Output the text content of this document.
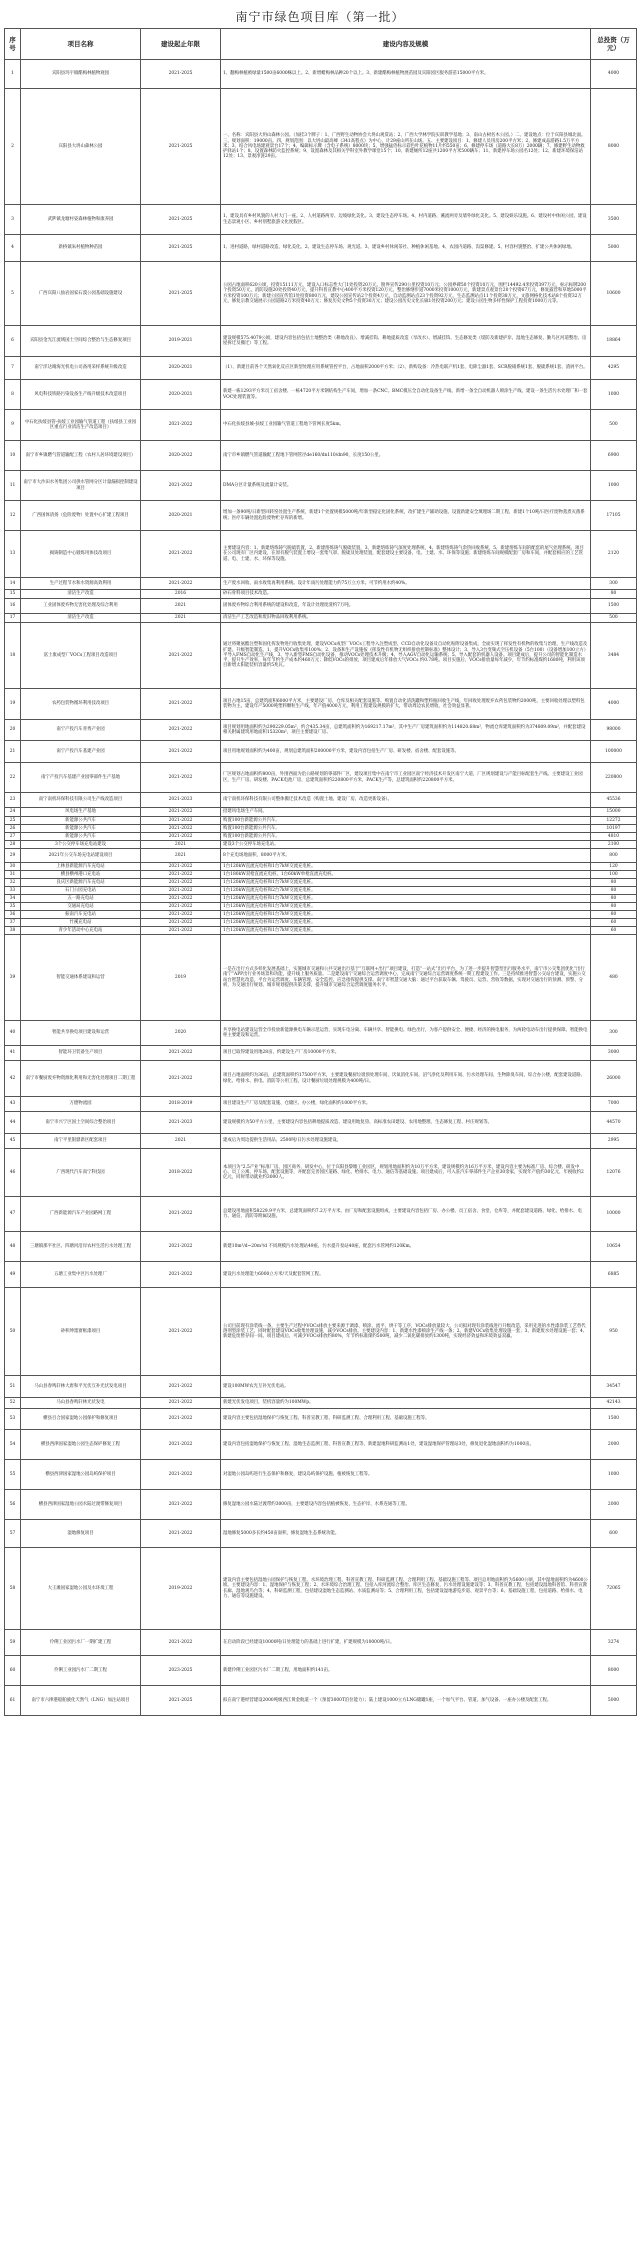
南宁市绿色项目库（第一批）
序号	项目名称	建设起止年限	建设内容及规模	总投资（万元）
1	宾阳县玛宇镇酷梅林植物观园	2021-2025	1、翻梅林植被绿量1500亩6000株以上。2、新增蜡梅林品种20个以上。3、新建酷梅林植物展苗园及宾阳园区服务游苗15000平方米。	4000
2	宾阳县大坍山森林公园	2021-2025	一、名称：宾阳县大坍山森林公园。（加挂3个牌子：1、广西野生动物协会大坍山观赏站；2、广西大学林学院实训教学基地；3、南山古树名木公园。）二、建设地点：位于宾阳县城北面。三、规划面积：19000亩。四、规划范围：以大坍山最高峰（341高程点）为中心，计29座山所在山场。五、主要建设项目：1、修建人员用房200平方米；2、修建成品游路1.5万平方米；3、结合风电场建观景台17个；4、编辑标示牌（含电子系统）8000块；5、增强猛兽标示彩色叶花植物11片约550亩；6、修建停车场（道路大长8万）2000辆；7、修建野生动物救护驿站1个；8、设置森林防火监控系统；9、设置森林及其相关学科室外教学课堂15个；10、新建厕所12座共1200平方米500辆车；11、新建停车场公园名12处；12、新建环境保洁站12处；13、景观净涟29亩。	8000
3	武陟镇龙塘村姿森林植物和康养园	2021-2025	1、建设具有乡村风貌的人村大门一座。2、人村道路两旁、边坡绿化美化。3、建设生态停车场。4、村内道路、溪流两旁及墙外绿化美化。5、建设娱乐设施。6、建设村中休闲公园，建设生态景观小区、乡村别墅旅游文化度假区。	3500
4	新桥镇朱村植物种苗园	2021-2025	1、进村道路，绿村道路改造、绿化美化。2、建设生态停车场、观光道。3、建设乡村休闲茶社、种植休闲基地。4、农园内道路、沟渠修建。5、村容村貌整治、扩建公共休闲绿地。	5000
5	广西宾阳八仙岩国家石漠公园基础设施建设	2021-2025	公园占地面积620公顷，投资15111万元，建设入口标志性大门1处投资20万元，勘界宣传290公里投资10万元；公园界碑50个投资10万元，围栏14492.4米投资397万元，标示标牌200个投资50万元，消防设施20处投资40万元，提升科普宣教中心400平方米投资120万元，整治修缮步道7000米投资1000万元，新建景点观景台20个投资67万元，修复露营和草地5000平方米投资100万元；新建公园宣传馆1处投资800万元，建设公园宣传站2个投资4万元，自动监测站点23个投资92万元，生态监测站点11个投资38万元，文旅网格化技术站8个投资32万元，修复宗教交通展示公园道路2万米投资40万元；修复历史文物5个投资30万元；建设公园历史文化长廊1处投资200万元；建设公园生物多样性保护工程投资1000万元等。	10600
6	宾阳县金光江流域国土空间综合整治与生态修复项目	2019-2021	建设规模575.4079公顷，建设内容包括包括土地整治类（耕地改良）、增减挂钩、耕地提质改造（旱改水）、增减挂钩、生态修复类（堤防及新建护岸、湿地生态修复、勤鸟区河道整治、房屋拆迁及搬迁）等工程。	18864
7	南宁洋达晴海光机电公司备用采样系统升级改造	2020-2021	（1）、新建目前各个天然氧化反应区新型处理应用系统管控平台，占地面积2000平方米；（2）、新购设备：冷热电联产机1套、电除尘器1套、SCR脱硝系统1套、脱硫系统1套、渣屑平台。	4295
8	风电科技铁路污染设备生产线升级技术改造项目	2020-2021	新建一栋1293平方米员工宿舍楼、一栋4720平方米钢结构生产车间，增加一条CNC、BMC模压全自动化设备生产线、新增一条全自动机器人喷涂生产线、建设一条生活污水处理厂和一套VOC处理装置等。	1000
9	中石化扶绥县管-扶绥工业园输气管道工程（扶绥县工业园区重点行业清洁生产改造项目）	2021-2022	中石化扶绥县城-扶绥工业园输气管道工程地下管网长度5km。	500
10	南宁市乡镇燃气管道输配工程（农村人居环境建设项目）	2020-2022	南宁市乡镇燃气管道输配工程地下管网管径de160/dn110/dn90，长度150公里。	6900
11	南宁市大沙田水务集团公司供水管网分区计量漏损控制建设项目	2021-2022	DMA分区计量系统及流量计安装。	1000
12	广西国体清扬（危险废物）处置中心扩建工程项目	2020-2021	增加一条90吨/日新型回转窑处置生产系统，新建1个处置规模5000吨/年新型稳定化固化系统，改扩建生产辅助设施、设置新建安全填埋场二期工程，新建1个10吨/日医疗废物蒸煮灭菌系统；医疗车辆处置危险废物贮存库的新增。	17105
13	揭铸制造中心锻炼用体技改项目	2021-2022	主要建设内容：1、新建熔炼铸气脱硫装置，2、新建熔炼铸气脱硫装置，3、新建熔炼铸气深度处理系统，4、新建熔炼铸气余热回收系统，5、新建熔炼车间的配套的尾气处理系统。项目在公司现有厂区内建设，在原有脱气装置上增设一套集气罩、脱硫及处理装置，配套建设主要设备，电、土建、水、环保等设施；新建熔炼车间规模配套厂房和车间，并配套相应的工艺管道、电、土建、水、环保等设施。	2120
14	生产过程节水和水资源高效利用	2021-2022	生产废水回收、雨水收集再利用系统。设计年雨污处理能力约75万立方米。可节约用水约40%。	300
15	清洁生产改造	2016	砂石骨料项目技术改造。	80
16	工业固体废弃物无害化处理及综合利用	2021	固体废弃物综合利用系统的建设和改造，年设计处理废渣约7万吨。	1500
17	清洁生产改造	2021	清洁生产工艺改造和废旧物品回收利用系统。	500
18	富士康成型厂VOCs工程项目改造项目	2021-2022	通过将聚氨酯注塑和固化挥发物进行收集处理，建设VOCs成型厂VOCs工程导入注塑成型、CCD自动化设备及自动化贴附设备集成，全面实现了挥发性有机物的收集与治理，生产线改造及扩建。升级智能制造。1、提升VOCs收集率100%；2、设备和生产设施按《挥发性有机物无组织排放控制标准》整体设计；3、导入3台变频式空压机设备（5台100）（设备增加100立方）平导入FMS自动化生产线，3、导入新型FMS自动化设备，推动VOCs处理技术升级；4、导入AGV自动化运输系统；5、导入配套的机器人设备。项目建成后，提升公司的智能化制造水平，提升生产效率，每年节约生产成本约460万元；降低VOCs的排放，项目建成后年排放大气VOCs 约0.78吨。项目实施后，VOCs排放量每年减少，年节约标准煤约1680吨，利用该项目新增太阳能装机容量约5兆瓦。	3484
19	农药包装物循环利用技改项目	2021-2022	项目占地15亩，总建筑面积6000平方米，主要建设厂房、仓库及相关配套设施等。购置自动化清洗罐和塑料瓶回收生产线，年回收处理废弃农药包装物约2000吨，主要回收处理以塑料包装物为主。建设年产5000吨塑料颗粒生产线，年产值4000万元，利用工程建设规模的扩大，带动周边农民增收，社会效益显著。	4000
20	南宁产投汽车青秀产业园	2021-2022	项目规划用地面积约为290229.05m²，约合435.34亩，总建筑面积约为169217.17m²，其中生产厂房建筑面积约为114820.68m²，物流仓库建筑面积约为374809.09m²，并配套建设相关附属建筑用地面积15320m²，项目主要建设厂房。	98000
21	南宁产投汽车基建产业园	2021-2022	项目用地规划面积约为400亩，规划总建筑面积200000平方米，建设内容包括生产厂房、研发楼、宿舍楼、配套设施等。	100000
22	南宁产投汽车基建产业园零部件生产基地	2021-2022	厂区规划占地面积约800亩，外围西面为沿公路规划的零部件厂区，建设项目集中在南宁市工业园区南宁经济技术开发区南宁大道，厂区规划建设与产能目标配套生产线。主要建设工业园区，生产厂房、研发楼、PACK电池厂房，总建筑面积约220800平方米，PACK生产等，总建筑面积约220800平方米。	220800
23	南宁南机环保科技有限公司生产线改造项目	2021-2023	南宁南机环保科技有限公司整体搬迁技术改造（购置土地、建设厂房、改造更新设备）。	45536
24	风电场生产基地	2021-2022	招建风电场生产车间。	15000
25	新能源公共汽车	2021-2022	购置100台新能源公共汽车。	12272
26	新能源公共汽车	2021-2022	购置100台新能源公共汽车。	10197
27	新能源公共汽车	2021-2022	购置100台新能源公共汽车。	4810
28	3个公交停车场充电站建设	2021	建设3个公交停车场充电站。	2100
29	2021年公交车场充电站建设项目	2021	8个充电场地面积，8000平方米。	800
30	上林县新能源汽车充电站	2021-2022	1台120kW直流充电桩和1台7kW交流充电桩。	120
31	横县横州港口充电站	2021-2022	1台180kW双枪直流充电桩，1台60kW单枪直流充电桩。	100
32	良庆区新能源汽车充电站	2021-2022	1台120kW直流充电桩和1台7kW交流充电桩。	80
33	石门公园充电站	2021-2022	1台120kW直流充电桩和2台7kW交流充电桩。	80
34	五一路充电站	2021-2022	1台120kW直流充电桩和1台7kW交流充电桩。	80
35	交通局充电站	2021-2022	1台120kW直流充电桩和1台7kW交流充电桩。	80
36	振南汽车充电站	2021-2022	1台120kW直流充电桩和1台7kW交流充电桩。	80
37	竹溪充电站	2021-2022	1台120kW直流充电桩和1台7kW交流充电桩。	60
38	青少年活动中心充电站	2021-2022	1台120kW直流充电桩和1台7kW交流充电桩。	60
39	智能交通体系建设和运营	2019	一是在出行方式多样化发展基础上，实施城市交通和公共交通出行基于“互联网+出行”项目建设，打造“一站式”出行平台，为了进一步提升智慧型出行服务水平，南宁市公交集团优化“出行南宁”APP出行业务场景和功能，提升线上服务质量。二是建设南宁交通综合运营调度中心，完成南宁交通综合运营调度系统一期工程建设工作。三是持续推进智慧公交站台建设，实施公交站台智慧化改造，平台为运营调度、车辆管理、安全监控、应急指挥提供支撑。南宁市智慧交通大脑：通过平台获取车辆、驾驶员、运营、营收等数据，实现对交通出行的预测、预警、分析，为交通出行规划、城市规划提供决策支撑，提升城市交通综合运营调度服务水平。	480
40	智能共享换电项目建设和运营	2020	共享换电站建设运营全市投放新能源换电车辆示范运营，实现车电分离、车辆共享、智能换电、绿色出行，为客户提供安全、便捷、经济的换电服务，为两轮电动车出行提供保障。智能换电柜主要建设和运营。	300
41	智能环卫装备生产项目	2021-2022	项目已取得建设用地28亩、约建设生产厂房10000平方米。	3000
42	南宁市餐厨废弃物资源化利用和无害化处理项目二期工程	2021-2022	项目占地面积约为36亩，总建筑面积约17500平方米，主要建设餐厨垃圾预处理车间、厌氧消化车间、沼气净化及利用车间、污水处理车间、生物除臭车间、综合办公楼，配套建设道路、绿化、给排水、供电、消防等公用工程，设计餐厨垃圾处理规模为400吨/日。	26000
43	万德物流园	2018-2019	项目建设生产厂房及配套设施、仓储区、办公楼，绿化面积约1000平方米。	7000
44	南宁市兴宁区国土空间综合整治项目	2021-2023	建设规模约为50平方公里，主要建设内容包括耕地提质改造、建设用地复垦、高标准农田建设、农用地整理、生态修复工程、村庄规划等。	44570
45	南宁平里银鼎新区配套项目	2021	建成后为周边提供生活用品、2500吨/日污水处理设施建设。	2995
46	广西现代汽车南宁科技园	2018-2022	本项目为“2.5产业”标准厂房、园区商务、研发中心，位于宾阳县黎塘工业园区，规划用地面积约为10万平方米，建设规模约为16万平方米，建设内容主要为标准厂房、综合楼、研发中心、员工公寓、停车场，配套设施等，并配套完善园区道路、绿化、给排水、电力、通信等基础设施。项目建成后，可入驻汽车零部件生产企业30余家，实现年产值约30亿元，年税收约2亿元，同时带动就业约3000人。	12076
47	广西新能源汽车产业园路网工程	2021-2022	总建设用地面积58229.9平方米，总建筑面积约7.2万平方米。由厂房和配套设施组成，主要建设内容包括厂房、办公楼、员工宿舍、食堂、仓库等，并配套建设道路、绿化、给排水、电力、通信、消防等附属设施。	10000
48	三塘镇那平社区、四塘河沿岸农村生活污水处理工程	2021-2022	新建10m³/d~20m³/d 不同规模污水处理站49座，污水提升泵站40座，配套污水管网约120Km。	10654
49	五塘工业集中区污水处理厂	2021-2022	建设污水处理能力6000立方米/天及配套管网工程。	6885
50	砂积坤墨窗框漆项目	2021-2022	公司目前现有涂装线一条，主要生产过程中VOCs排放主要来源于调漆、喷涂、流平、烘干等工序，VOCs排放量较大，公司拟对现有涂装线进行升级改造，采用先进的水性漆涂装工艺替代溶剂型涂装工艺，同时配套建设VOCs收集处理设施，减少VOCs排放。主要建设内容：1、新建水性漆喷涂生产线一条；2、新建VOCs收集处理设施一套；3、新建废水处理设施一套；4、新建危废暂存间一间。项目建成后，可减少VOCs排放约80%，年节约标准煤约500吨，减少二氧化碳排放约1300吨，实现经济效益和环境效益双赢。	950
51	马山县春鸣轩林大唐和平光伏互补光伏发电项目	2021-2022	建设100MW农光互补光伏电站。	34547
52	马山县春鸣轩林光伏发电	2021-2022	新建光伏发电项目，装机容量约为100MWp。	42143
53	横县百合国家湿地公园保护和修复项目	2021-2022	建设内容主要包括湿地保护与恢复工程、科普宣教工程、科研监测工程、合理利用工程、基础设施工程等。	1500
54	横县西津国家湿地公园生态保护修复工程	2021-2022	建设内容包括湿地保护与恢复工程、湿地生态监测工程、科普宣教工程等，新建湿地科研监测站1处，建设湿地保护管理站3处，修复退化湿地面积约为1000亩。	2000
55	横县西津国家湿地公园岛屿保护项目	2021-2022	对湿地公园岛屿进行生态保护和修复，建设岛屿保护设施、植被恢复工程等。	1000
56	横县西津国家湿地公园水陆过渡带修复项目	2021-2022	修复湿地公园水陆过渡带约3000亩，主要建设内容包括植被恢复、生态护岸、水系连通等工程。	2000
57	湿地修复项目	2021-2022	湿地修复5000多长约450亩面积，修复湿地生态系统功能。	600
58	大王滩国家湿地公园及水环境工程	2019-2022	建设内容主要包括湿地公园保护与恢复工程、水环境治理工程、科普宣教工程、科研监测工程、合理利用工程、基础设施工程等。项目总用地面积约为5600公顷，其中湿地面积约为4600公顷。主要建设内容：1、湿地保护与恢复工程；2、水环境综合治理工程，包括入库河流综合整治、库区生态修复、污水处理设施建设等；3、科普宣教工程，包括建设湿地科普馆、科普宣教长廊、湿地观鸟台等；4、科研监测工程，包括建设湿地生态监测站、水质监测站等；5、合理利用工程，包括建设湿地游览步道、观景平台等；6、基础设施工程，包括道路、给排水、电力、通信等设施建设。	72065
59	伶俐工业园污水厂一期扩建工程	2021-2022	在启动阶段已经建设10000吨/日处理能力的基础上进行扩建，扩建规模为10000吨/日。	3274
60	伶俐工业园污水厂二期工程	2023-2025	新建伶俐工业园区污水厂二期工程，用地面积约141亩。	8000
61	南宁市六律港船舶液化天然气（LNG）加注站项目	2021-2025	拟在南宁港经营建设2000吨级西江黄金航道一个（预留3000T泊位能力）；陆上建设1000立方LNG储罐1座，一个加气平台、管道、加气设备、一座办公楼及配套工程。	5000
